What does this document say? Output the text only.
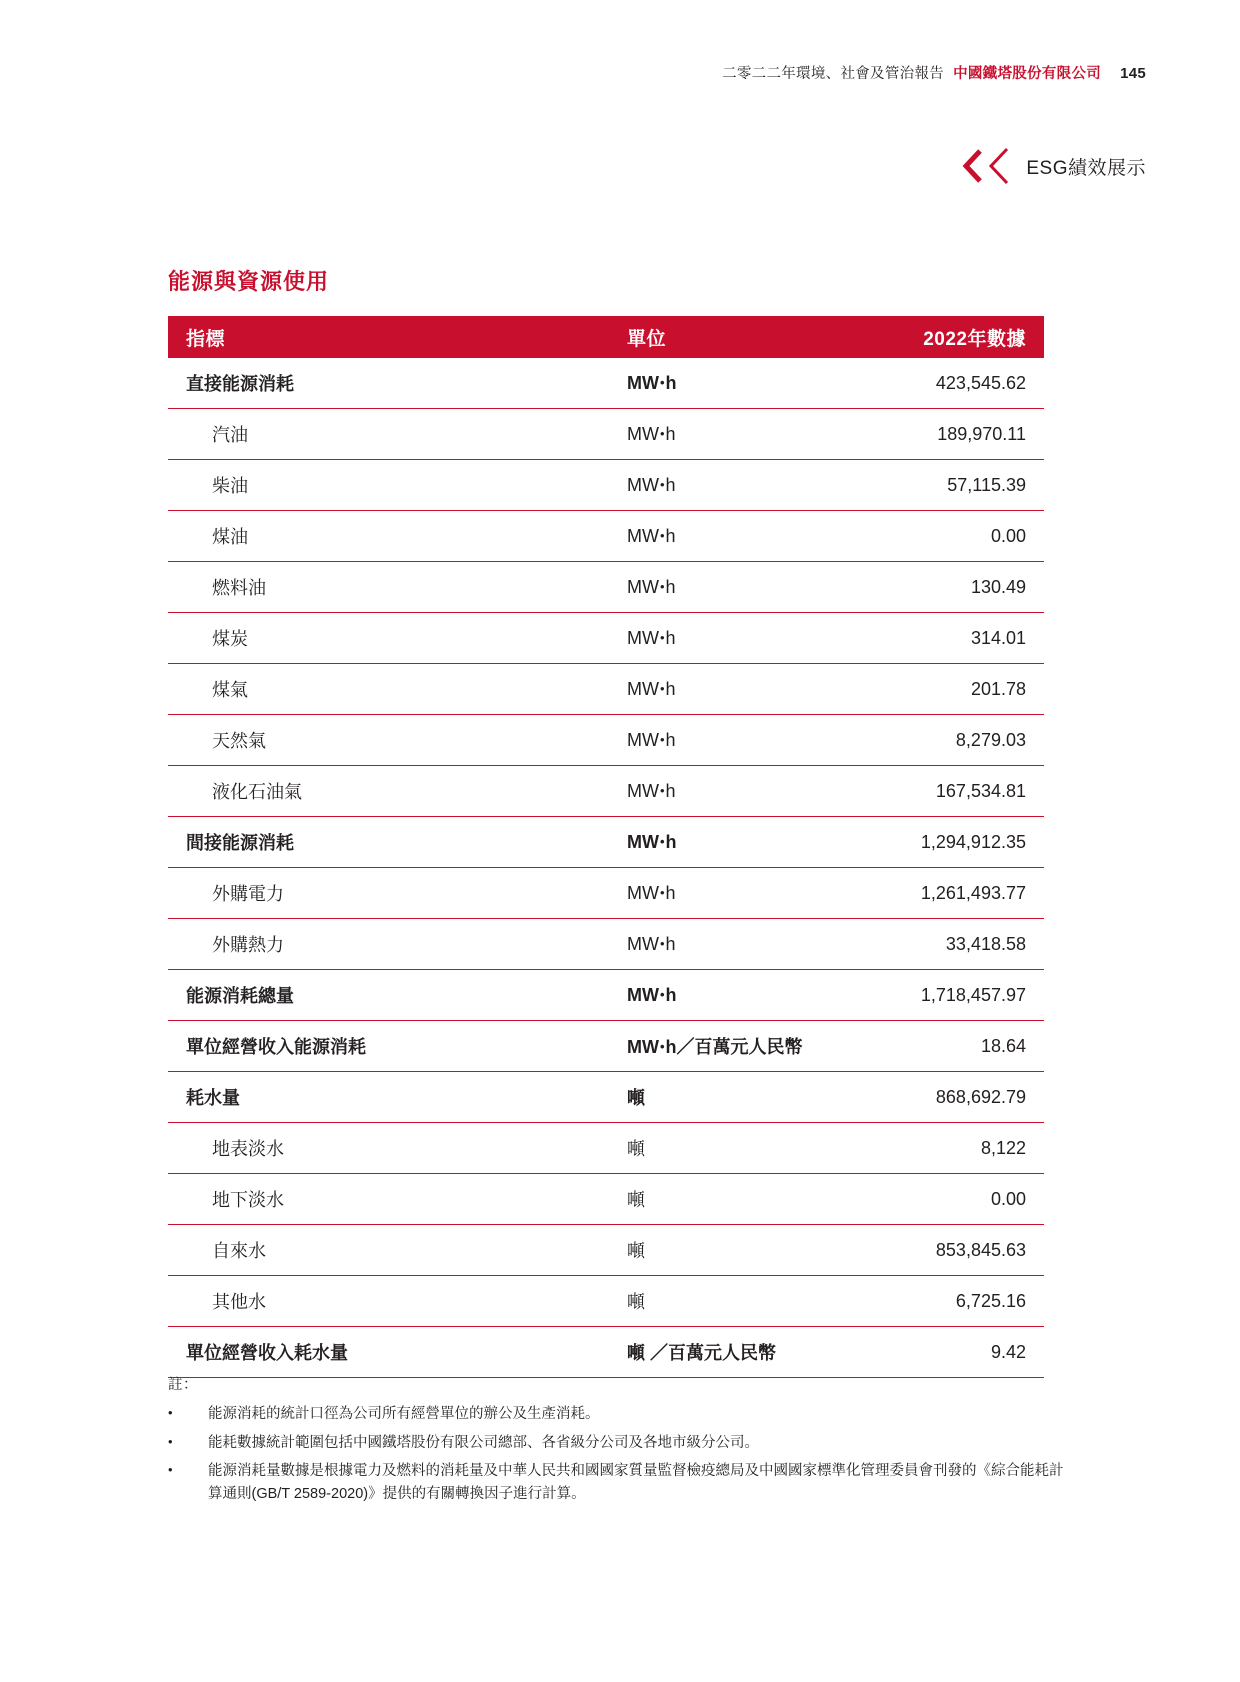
二零二二年環境、社會及管治報告 中國鐵塔股份有限公司 145
ESG績效展示
能源與資源使用
指標	單位	2022年數據
直接能源消耗	MW•h	423,545.62
汽油	MW•h	189,970.11
柴油	MW•h	57,115.39
煤油	MW•h	0.00
燃料油	MW•h	130.49
煤炭	MW•h	314.01
煤氣	MW•h	201.78
天然氣	MW•h	8,279.03
液化石油氣	MW•h	167,534.81
間接能源消耗	MW•h	1,294,912.35
外購電力	MW•h	1,261,493.77
外購熱力	MW•h	33,418.58
能源消耗總量	MW•h	1,718,457.97
單位經營收入能源消耗	MW•h／百萬元人民幣	18.64
耗水量	噸	868,692.79
地表淡水	噸	8,122
地下淡水	噸	0.00
自來水	噸	853,845.63
其他水	噸	6,725.16
單位經營收入耗水量	噸 ／百萬元人民幣	9.42
註：
•	能源消耗的統計口徑為公司所有經營單位的辦公及生產消耗。
•	能耗數據統計範圍包括中國鐵塔股份有限公司總部、各省級分公司及各地市級分公司。
•	能源消耗量數據是根據電力及燃料的消耗量及中華人民共和國國家質量監督檢疫總局及中國國家標準化管理委員會刊發的《綜合能耗計算通則(GB/T 2589-2020)》提供的有關轉換因子進行計算。
